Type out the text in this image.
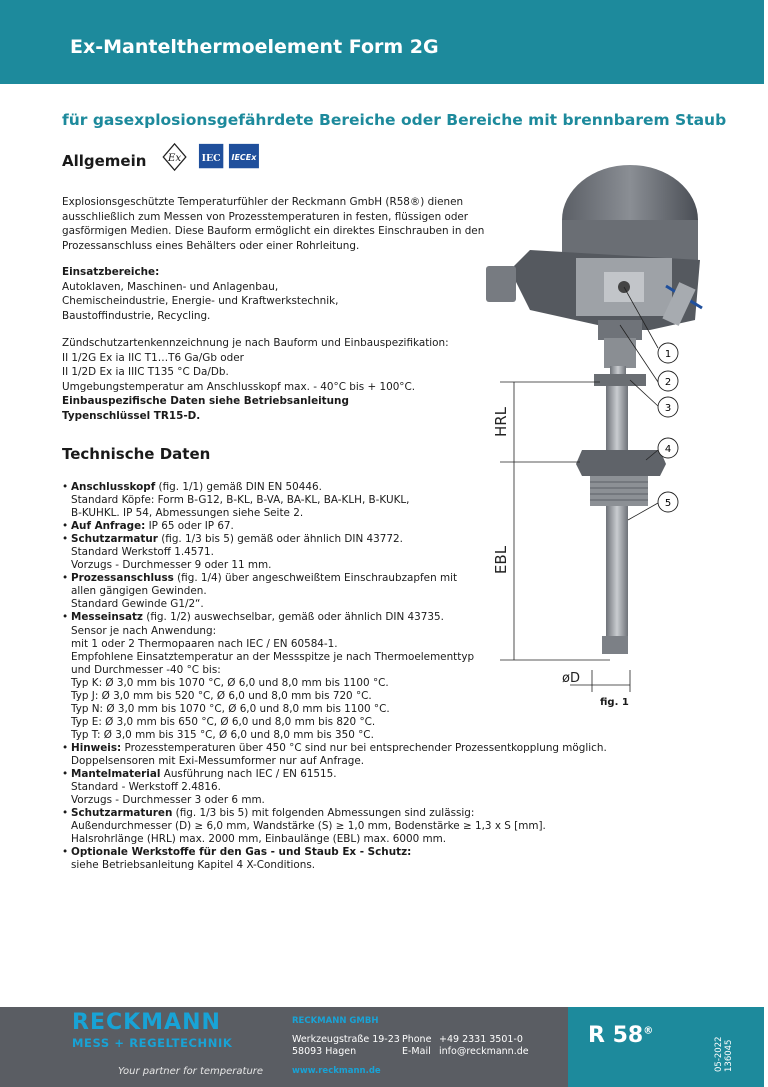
Ex-Mantelthermoelement Form 2G
für gasexplosionsgefährdete Bereiche oder Bereiche mit brennbarem Staub
Allgemein Ex IEC IECEx

Explosionsgeschützte Temperaturfühler der Reckmann GmbH (R58®) dienen

ausschließlich zum Messen von Prozesstemperaturen in festen, flüssigen oder

gasförmigen Medien. Diese Bauform ermöglicht ein direktes Einschrauben in den

Prozessanschluss eines Behälters oder einer Rohrleitung.

Einsatzbereiche:

Autoklaven, Maschinen- und Anlagenbau,

Chemischeindustrie, Energie- und Kraftwerkstechnik,

Baustoffindustrie, Recycling.

Zündschutzartenkennzeichnung je nach Bauform und Einbauspezifikation:

II 1/2G Ex ia IIC T1…T6 Ga/Gb oder

II 1/2D Ex ia IIIC T135 °C Da/Db.

Umgebungstemperatur am Anschlusskopf max. - 40°C bis + 100°C.

Einbauspezifische Daten siehe Betriebsanleitung

Typenschlüssel TR15-D.

Technische Daten
• Anschlusskopf (fig. 1/1) gemäß DIN EN 50446.
Standard Köpfe: Form B-G12, B-KL, B-VA, BA-KL, BA-KLH, B-KUKL,
B-KUHKL. IP 54, Abmessungen siehe Seite 2.
• Auf Anfrage: IP 65 oder IP 67.
• Schutzarmatur (fig. 1/3 bis 5) gemäß oder ähnlich DIN 43772.
Standard Werkstoff 1.4571.
Vorzugs - Durchmesser 9 oder 11 mm.
• Prozessanschluss (fig. 1/4) über angeschweißtem Einschraubzapfen mit
allen gängigen Gewinden.
Standard Gewinde G1/2“.
• Messeinsatz (fig. 1/2) auswechselbar, gemäß oder ähnlich DIN 43735.
Sensor je nach Anwendung:
mit 1 oder 2 Thermopaaren nach IEC / EN 60584-1.
Empfohlene Einsatztemperatur an der Messspitze je nach Thermoelementtyp
und Durchmesser -40 °C bis:
Typ K: Ø 3,0 mm bis 1070 °C, Ø 6,0 und 8,0 mm bis 1100 °C.
Typ J: Ø 3,0 mm bis 520 °C, Ø 6,0 und 8,0 mm bis 720 °C.
Typ N: Ø 3,0 mm bis 1070 °C, Ø 6,0 und 8,0 mm bis 1100 °C.
Typ E: Ø 3,0 mm bis 650 °C, Ø 6,0 und 8,0 mm bis 820 °C.
Typ T: Ø 3,0 mm bis 315 °C, Ø 6,0 und 8,0 mm bis 350 °C.
• Hinweis: Prozesstemperaturen über 450 °C sind nur bei entsprechender Prozessentkopplung möglich.
Doppelsensoren mit Exi-Messumformer nur auf Anfrage.
• Mantelmaterial Ausführung nach IEC / EN 61515.
Standard - Werkstoff 2.4816.
Vorzugs - Durchmesser 3 oder 6 mm.
• Schutzarmaturen (fig. 1/3 bis 5) mit folgenden Abmessungen sind zulässig:
Außendurchmesser (D) ≥ 6,0 mm, Wandstärke (S) ≥ 1,0 mm, Bodenstärke ≥ 1,3 x S [mm].
Halsrohrlänge (HRL) max. 2000 mm, Einbaulänge (EBL) max. 6000 mm.
• Optionale Werkstoffe für den Gas - und Staub Ex - Schutz:
siehe Betriebsanleitung Kapitel 4 X-Conditions.
HRL
EBL
øD
1
2
3
4
5
fig. 1
RECKMANN
MESS + REGELTECHNIK
Your partner for temperature
RECKMANN GMBH
Werkzeugstraße 19-23
58093 Hagen
Phone +49 2331 3501-0
E-Mail info@reckmann.de
www.reckmann.de
R 58®
05-2022 136045
